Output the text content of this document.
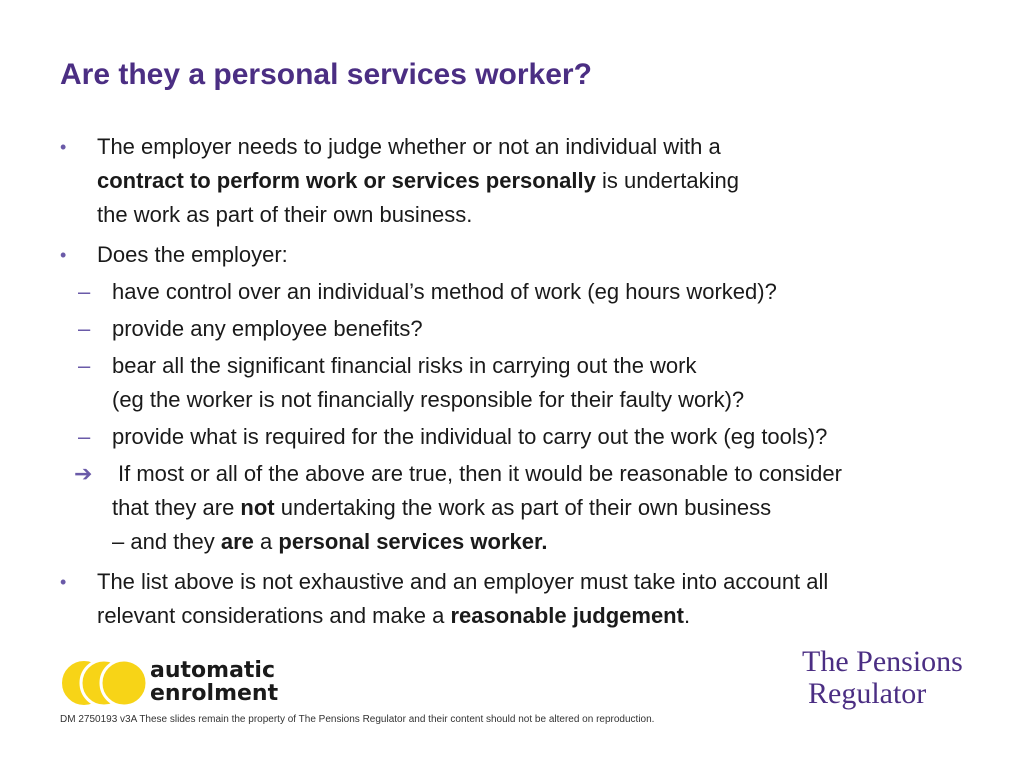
Are they a personal services worker?
• The employer needs to judge whether or not an individual with a
contract to perform work or services personally is undertaking
the work as part of their own business.
• Does the employer:
– have control over an individual’s method of work (eg hours worked)?
– provide any employee benefits?
– bear all the significant financial risks in carrying out the work
(eg the worker is not financially responsible for their faulty work)?
– provide what is required for the individual to carry out the work (eg tools)?
➔ If most or all of the above are true, then it would be reasonable to consider
that they are not undertaking the work as part of their own business
– and they are a personal services worker.
• The list above is not exhaustive and an employer must take into account all
relevant considerations and make a reasonable judgement.
automatic
enrolment
The Pensions
Regulator
DM 2750193 v3A These slides remain the property of The Pensions Regulator and their content should not be altered on reproduction.
